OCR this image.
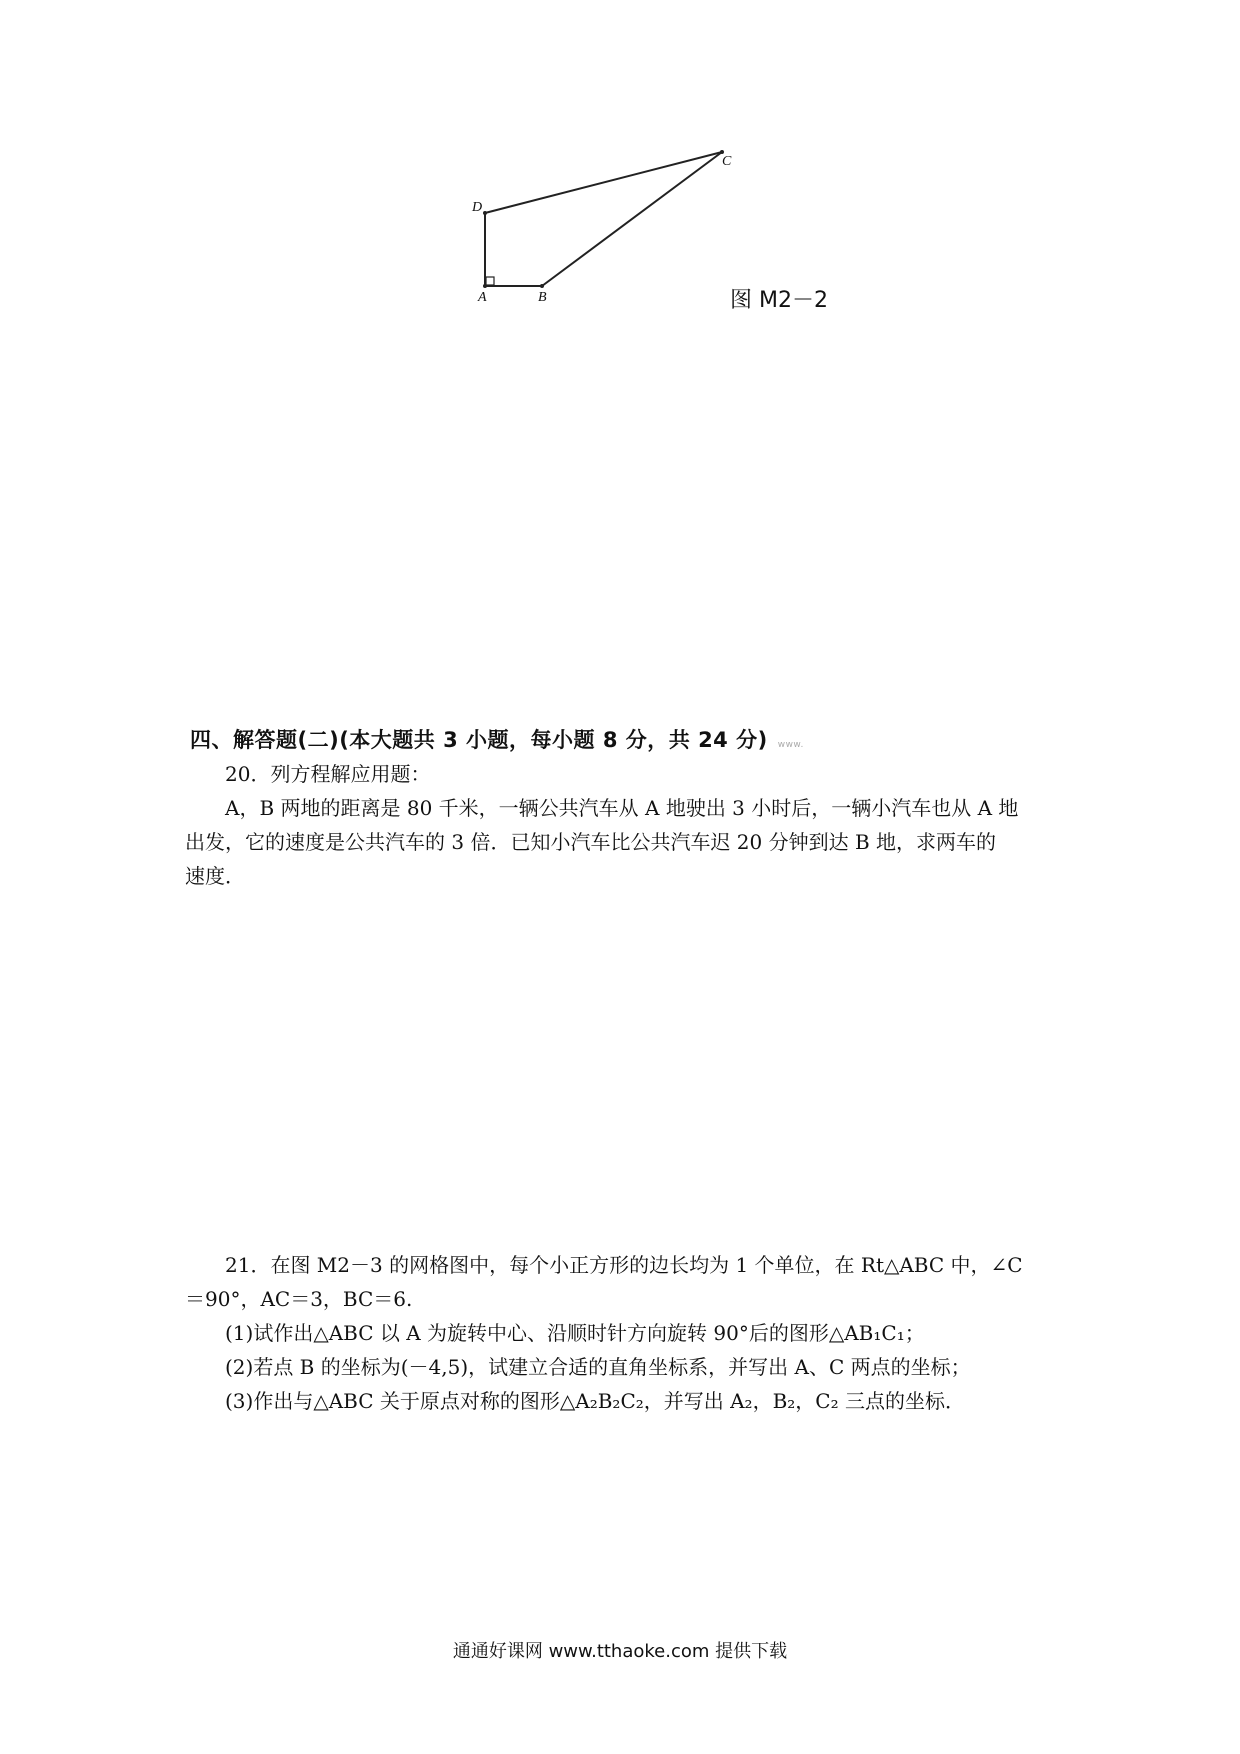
D
A	B
C
图 M2－2
四、解答题(二)(本大题共 3 小题，每小题 8 分，共 24 分) www.

20．列方程解应用题：

A，B 两地的距离是 80 千米，一辆公共汽车从 A 地驶出 3 小时后，一辆小汽车也从 A 地

出发，它的速度是公共汽车的 3 倍．已知小汽车比公共汽车迟 20 分钟到达 B 地，求两车的

速度．

21．在图 M2－3 的网格图中，每个小正方形的边长均为 1 个单位，在 Rt△ABC 中，∠C

＝90°，AC＝3，BC＝6.

(1)试作出△ABC 以 A 为旋转中心、沿顺时针方向旋转 90°后的图形△AB₁C₁；

(2)若点 B 的坐标为(－4,5)，试建立合适的直角坐标系，并写出 A、C 两点的坐标；

(3)作出与△ABC 关于原点对称的图形△A₂B₂C₂，并写出 A₂，B₂，C₂ 三点的坐标．

通通好课网 www.tthaoke.com 提供下载
